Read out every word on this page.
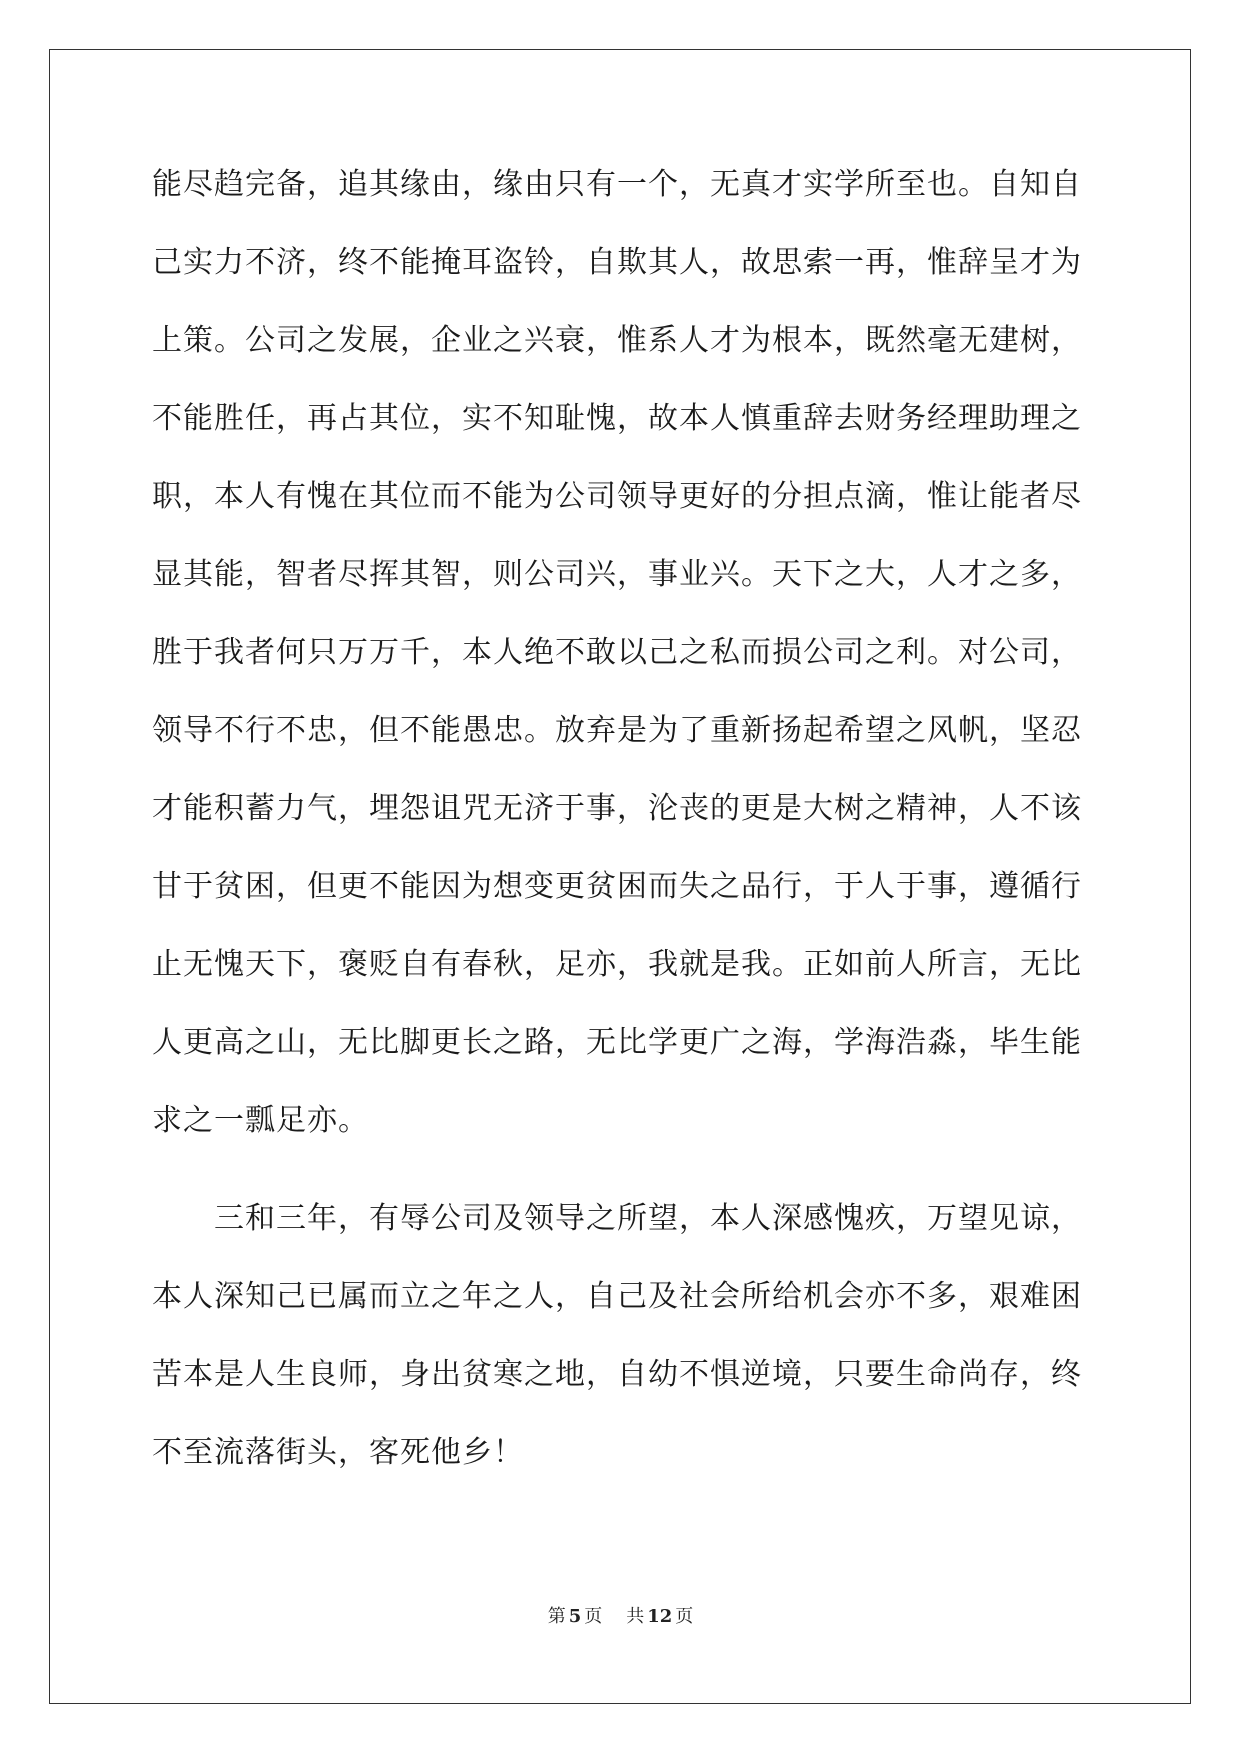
能尽趋完备，追其缘由，缘由只有一个，无真才实学所至也。自知自
己实力不济，终不能掩耳盗铃，自欺其人，故思索一再，惟辞呈才为
上策。公司之发展，企业之兴衰，惟系人才为根本，既然毫无建树，
不能胜任，再占其位，实不知耻愧，故本人慎重辞去财务经理助理之
职，本人有愧在其位而不能为公司领导更好的分担点滴，惟让能者尽
显其能，智者尽挥其智，则公司兴，事业兴。天下之大，人才之多，
胜于我者何只万万千，本人绝不敢以己之私而损公司之利。对公司，
领导不行不忠，但不能愚忠。放弃是为了重新扬起希望之风帆，坚忍
才能积蓄力气，埋怨诅咒无济于事，沦丧的更是大树之精神，人不该
甘于贫困，但更不能因为想变更贫困而失之品行，于人于事，遵循行
止无愧天下，褒贬自有春秋，足亦，我就是我。正如前人所言，无比
人更高之山，无比脚更长之路，无比学更广之海，学海浩淼，毕生能
求之一瓢足亦。
　　三和三年，有辱公司及领导之所望，本人深感愧疚，万望见谅，
本人深知己已属而立之年之人，自己及社会所给机会亦不多，艰难困
苦本是人生良师，身出贫寒之地，自幼不惧逆境，只要生命尚存，终
不至流落街头，客死他乡！
第 5 页 共 12 页
